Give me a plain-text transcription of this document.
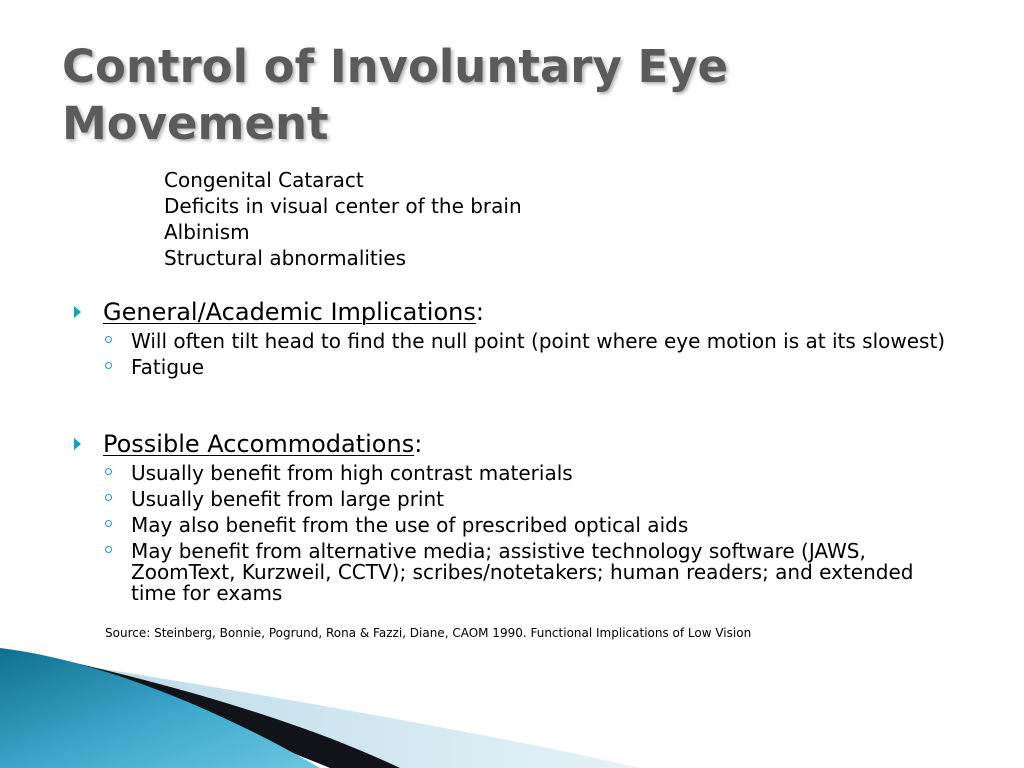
Control of Involuntary Eye Movement
Congenital Cataract
Deficits in visual center of the brain
Albinism
Structural abnormalities
General/Academic Implications:
Will often tilt head to find the null point (point where eye motion is at its slowest)
Fatigue
Possible Accommodations:
Usually benefit from high contrast materials
Usually benefit from large print
May also benefit from the use of prescribed optical aids
May benefit from alternative media; assistive technology software (JAWS, ZoomText, Kurzweil, CCTV); scribes/notetakers; human readers; and extended time for exams
Source: Steinberg, Bonnie, Pogrund, Rona & Fazzi, Diane, CAOM 1990. Functional Implications of Low Vision
